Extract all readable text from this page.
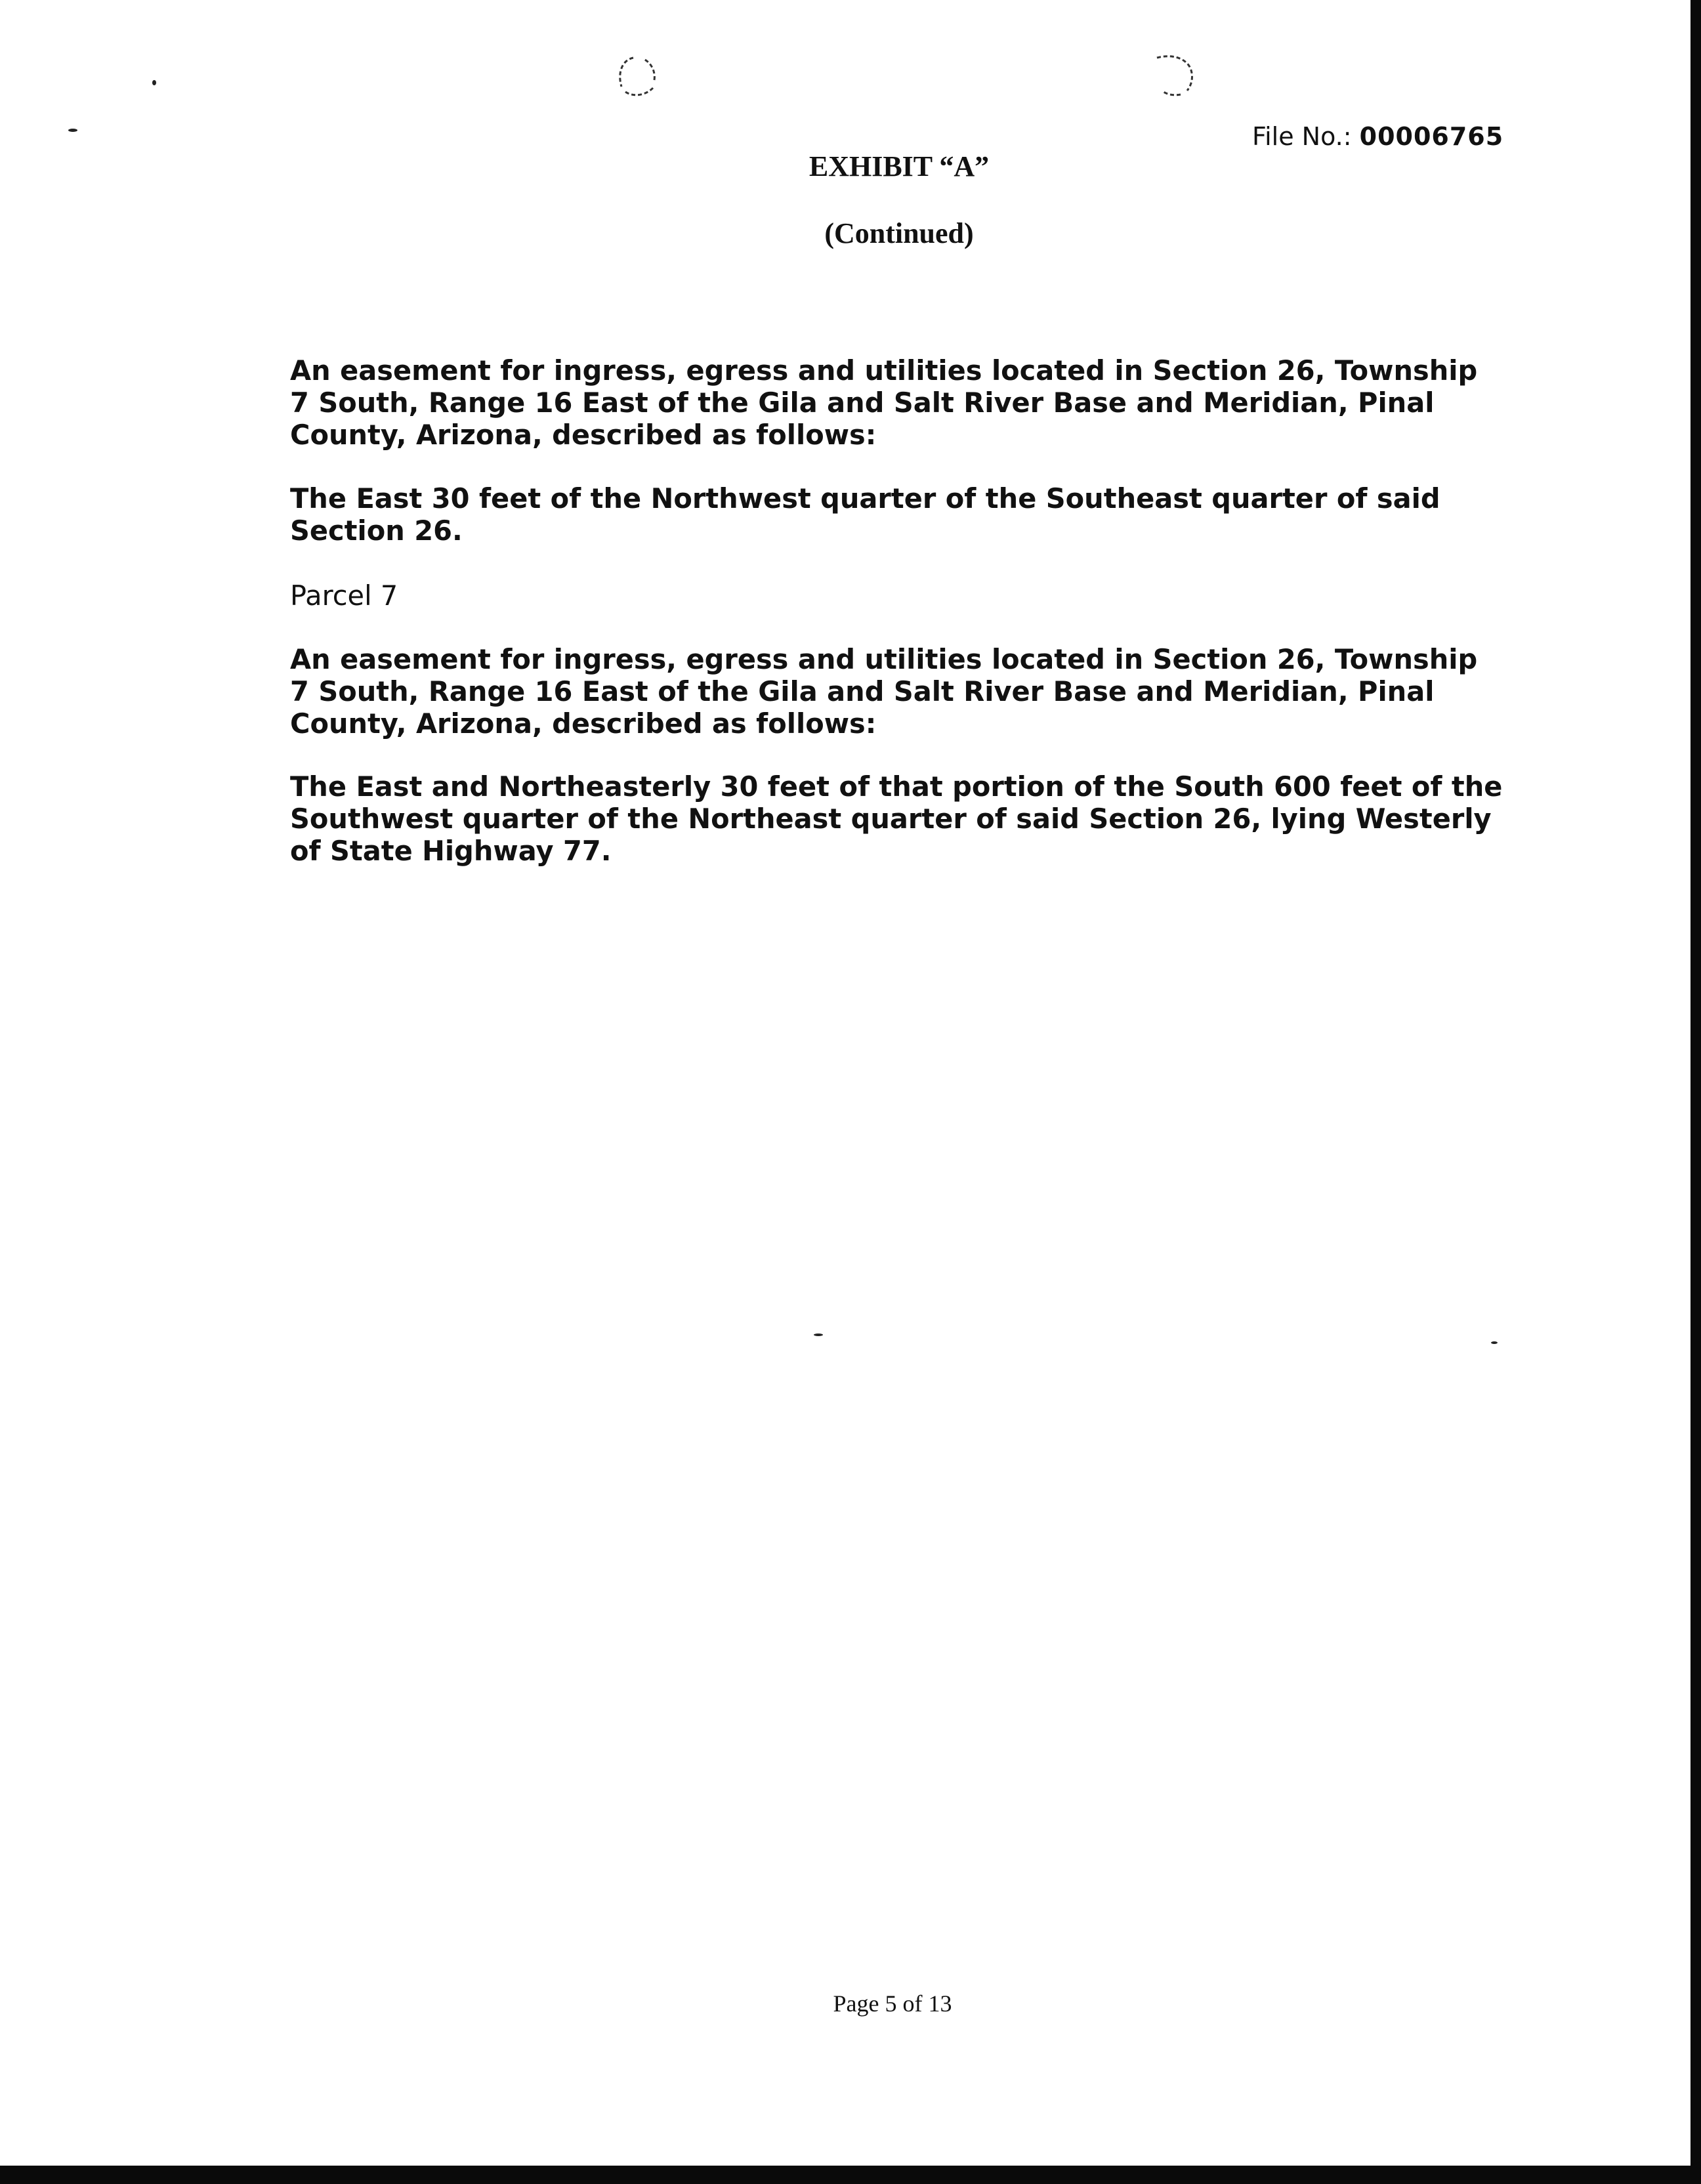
File No.: 00006765
EXHIBIT “A”
(Continued)
An easement for ingress, egress and utilities located in Section 26, Township 7 South, Range 16 East of the Gila and Salt River Base and Meridian, Pinal County, Arizona, described as follows:
The East 30 feet of the Northwest quarter of the Southeast quarter of said Section 26.
Parcel 7
An easement for ingress, egress and utilities located in Section 26, Township 7 South, Range 16 East of the Gila and Salt River Base and Meridian, Pinal County, Arizona, described as follows:
The East and Northeasterly 30 feet of that portion of the South 600 feet of the Southwest quarter of the Northeast quarter of said Section 26, lying Westerly of State Highway 77.
Page 5 of 13
